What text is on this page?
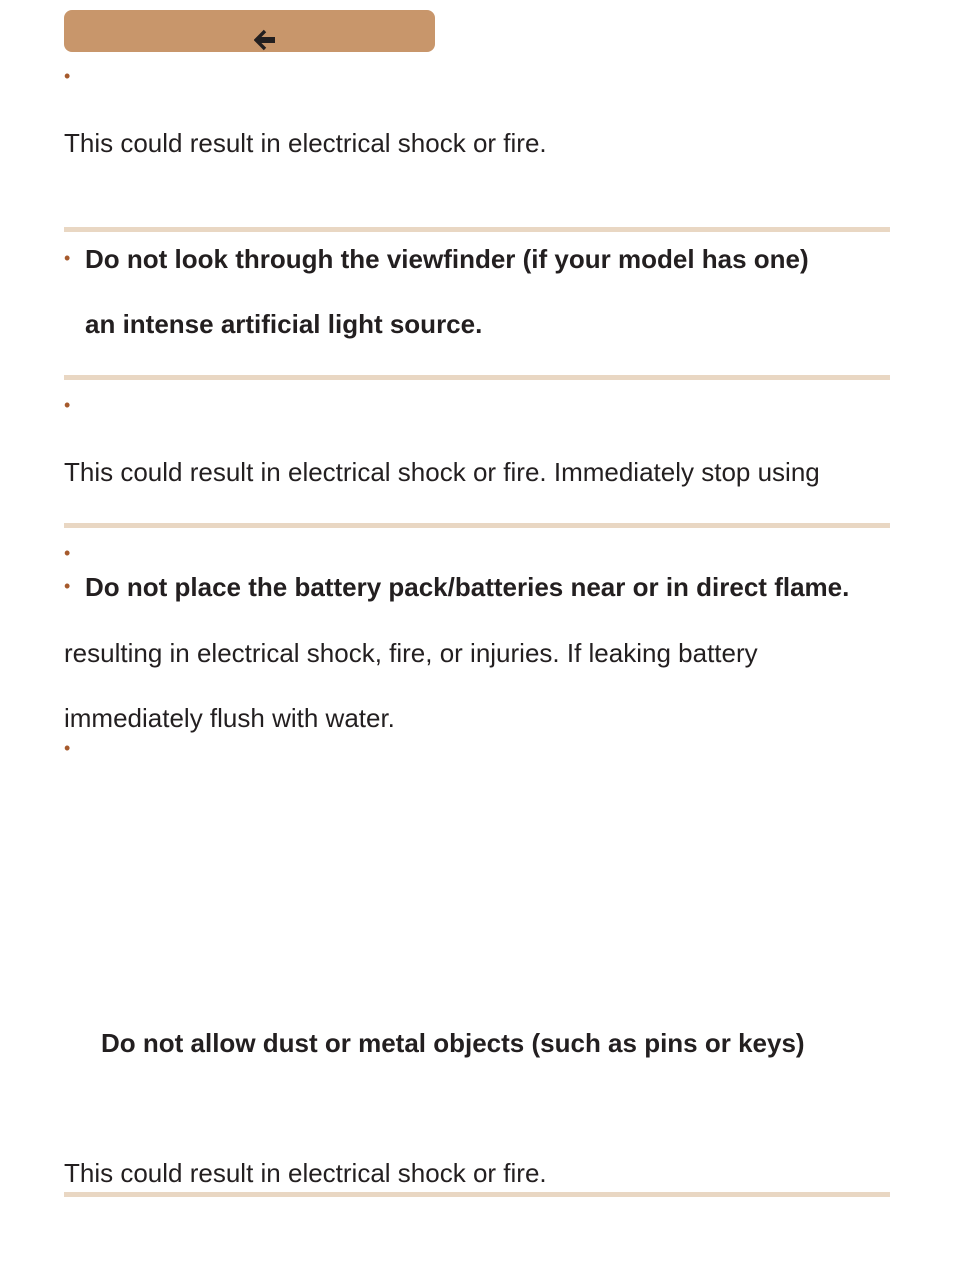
•
This could result in electrical shock or fire.
• Do not look through the viewfinder (if your model has one)
an intense artificial light source.
•
This could result in electrical shock or fire. Immediately stop using
•
• Do not place the battery pack/batteries near or in direct flame.
resulting in electrical shock, fire, or injuries. If leaking battery
immediately flush with water.
•
Do not allow dust or metal objects (such as pins or keys)
This could result in electrical shock or fire.
